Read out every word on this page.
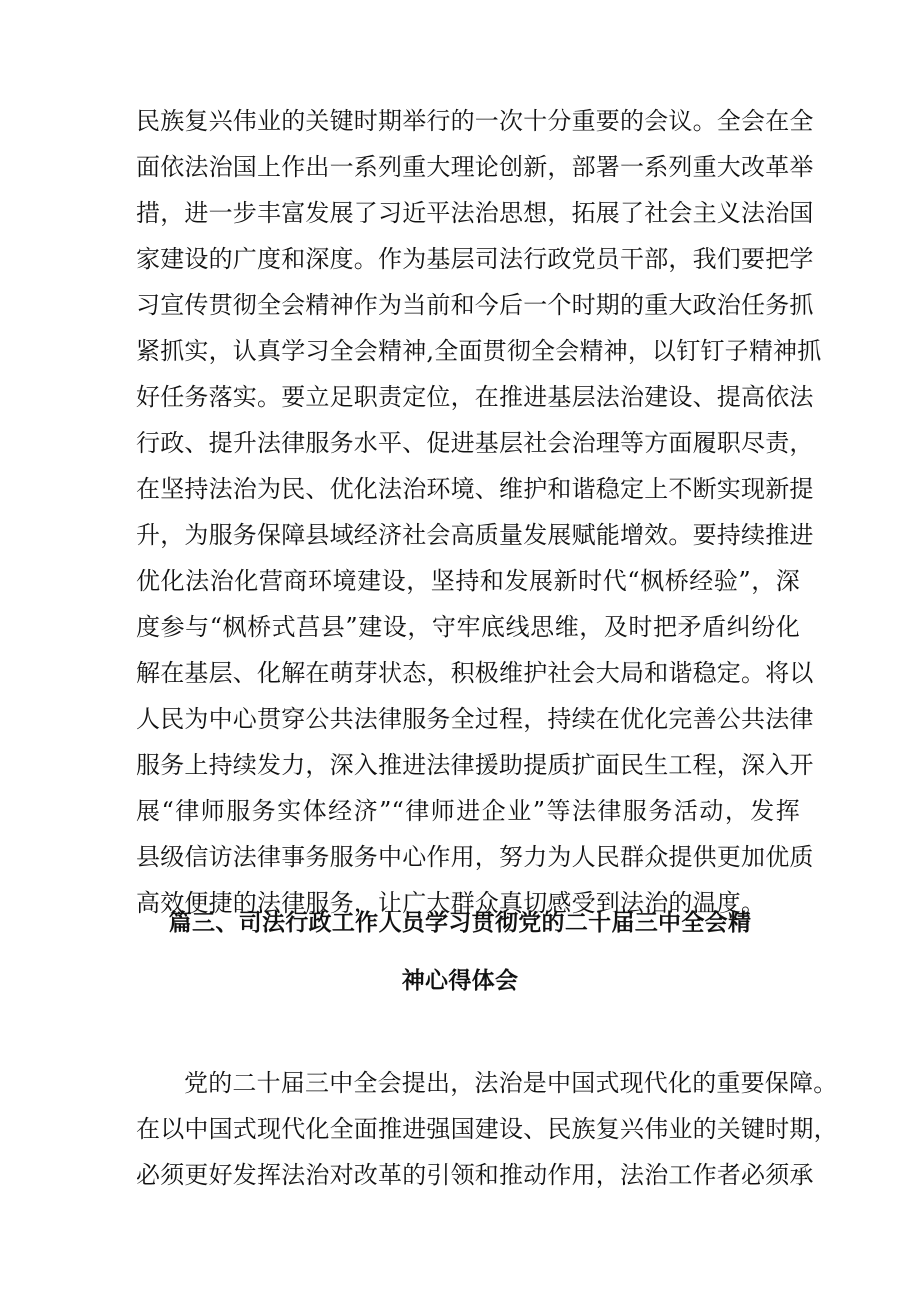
民族复兴伟业的关键时期举行的一次十分重要的会议。全会在全
面依法治国上作出一系列重大理论创新，部署一系列重大改革举
措，进一步丰富发展了习近平法治思想，拓展了社会主义法治国
家建设的广度和深度。作为基层司法行政党员干部，我们要把学
习宣传贯彻全会精神作为当前和今后一个时期的重大政治任务抓
紧抓实，认真学习全会精神,全面贯彻全会精神，以钉钉子精神抓
好任务落实。要立足职责定位，在推进基层法治建设、提高依法
行政、提升法律服务水平、促进基层社会治理等方面履职尽责，
在坚持法治为民、优化法治环境、维护和谐稳定上不断实现新提
升，为服务保障县域经济社会高质量发展赋能增效。要持续推进
优化法治化营商环境建设，坚持和发展新时代“枫桥经验”，深
度参与“枫桥式莒县”建设，守牢底线思维，及时把矛盾纠纷化
解在基层、化解在萌芽状态，积极维护社会大局和谐稳定。将以
人民为中心贯穿公共法律服务全过程，持续在优化完善公共法律
服务上持续发力，深入推进法律援助提质扩面民生工程，深入开
展“律师服务实体经济”“律师进企业”等法律服务活动，发挥
县级信访法律事务服务中心作用，努力为人民群众提供更加优质
高效便捷的法律服务，让广大群众真切感受到法治的温度。
篇三、司法行政工作人员学习贯彻党的二十届三中全会精
神心得体会
党的二十届三中全会提出，法治是中国式现代化的重要保障。
在以中国式现代化全面推进强国建设、民族复兴伟业的关键时期，
必须更好发挥法治对改革的引领和推动作用，法治工作者必须承
